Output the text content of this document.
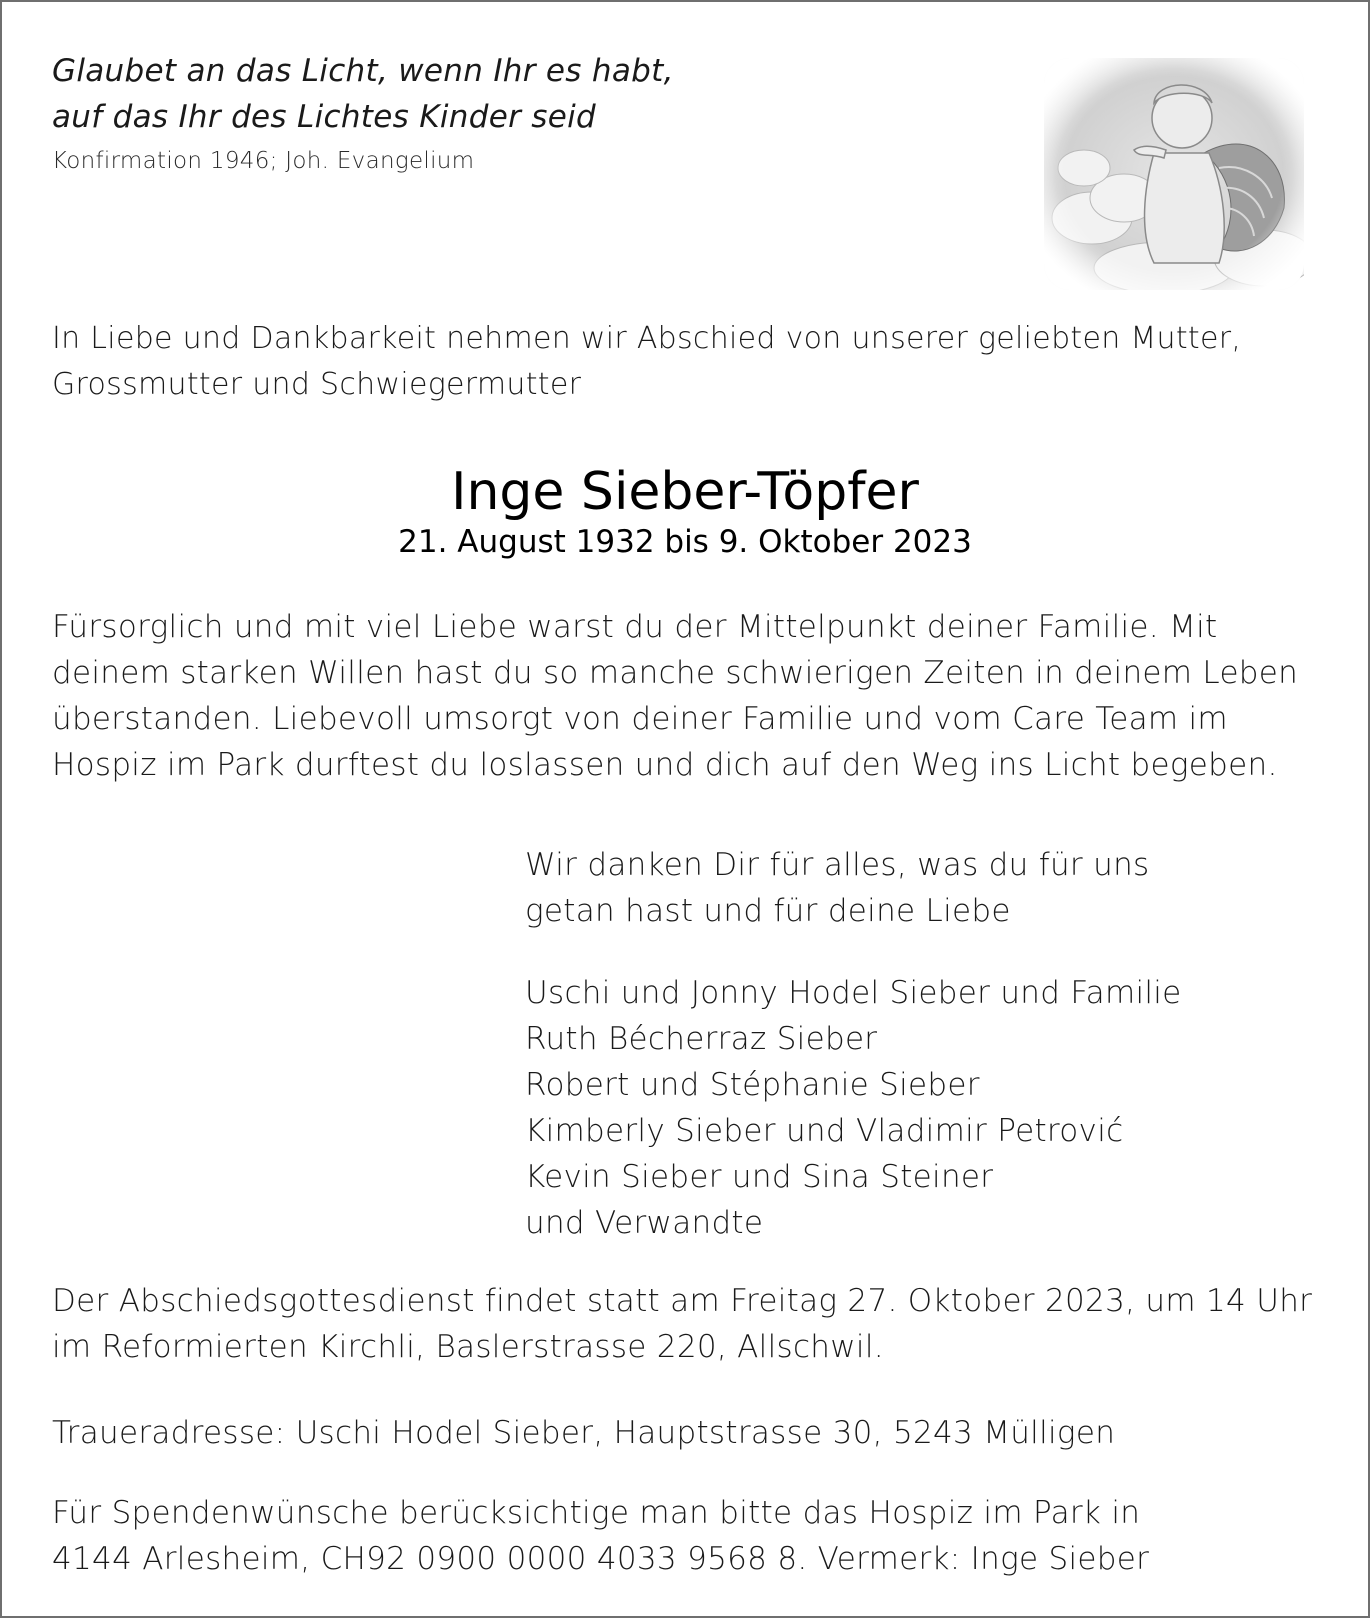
Glaubet an das Licht, wenn Ihr es habt,
auf das Ihr des Lichtes Kinder seid
Konfirmation 1946; Joh. Evangelium
In Liebe und Dankbarkeit nehmen wir Abschied von unserer geliebten Mutter,
Grossmutter und Schwiegermutter
Inge Sieber-Töpfer
21. August 1932 bis 9. Oktober 2023
Fürsorglich und mit viel Liebe warst du der Mittelpunkt deiner Familie. Mit
deinem starken Willen hast du so manche schwierigen Zeiten in deinem Leben
überstanden. Liebevoll umsorgt von deiner Familie und vom Care Team im
Hospiz im Park durftest du loslassen und dich auf den Weg ins Licht begeben.
Wir danken Dir für alles, was du für uns
getan hast und für deine Liebe
Uschi und Jonny Hodel Sieber und Familie
Ruth Bécherraz Sieber
Robert und Stéphanie Sieber
Kimberly Sieber und Vladimir Petrović
Kevin Sieber und Sina Steiner
und Verwandte
Der Abschiedsgottesdienst findet statt am Freitag 27. Oktober 2023, um 14 Uhr
im Reformierten Kirchli, Baslerstrasse 220, Allschwil.
Traueradresse: Uschi Hodel Sieber, Hauptstrasse 30, 5243 Mülligen
Für Spendenwünsche berücksichtige man bitte das Hospiz im Park in
4144 Arlesheim, CH92 0900 0000 4033 9568 8. Vermerk: Inge Sieber
